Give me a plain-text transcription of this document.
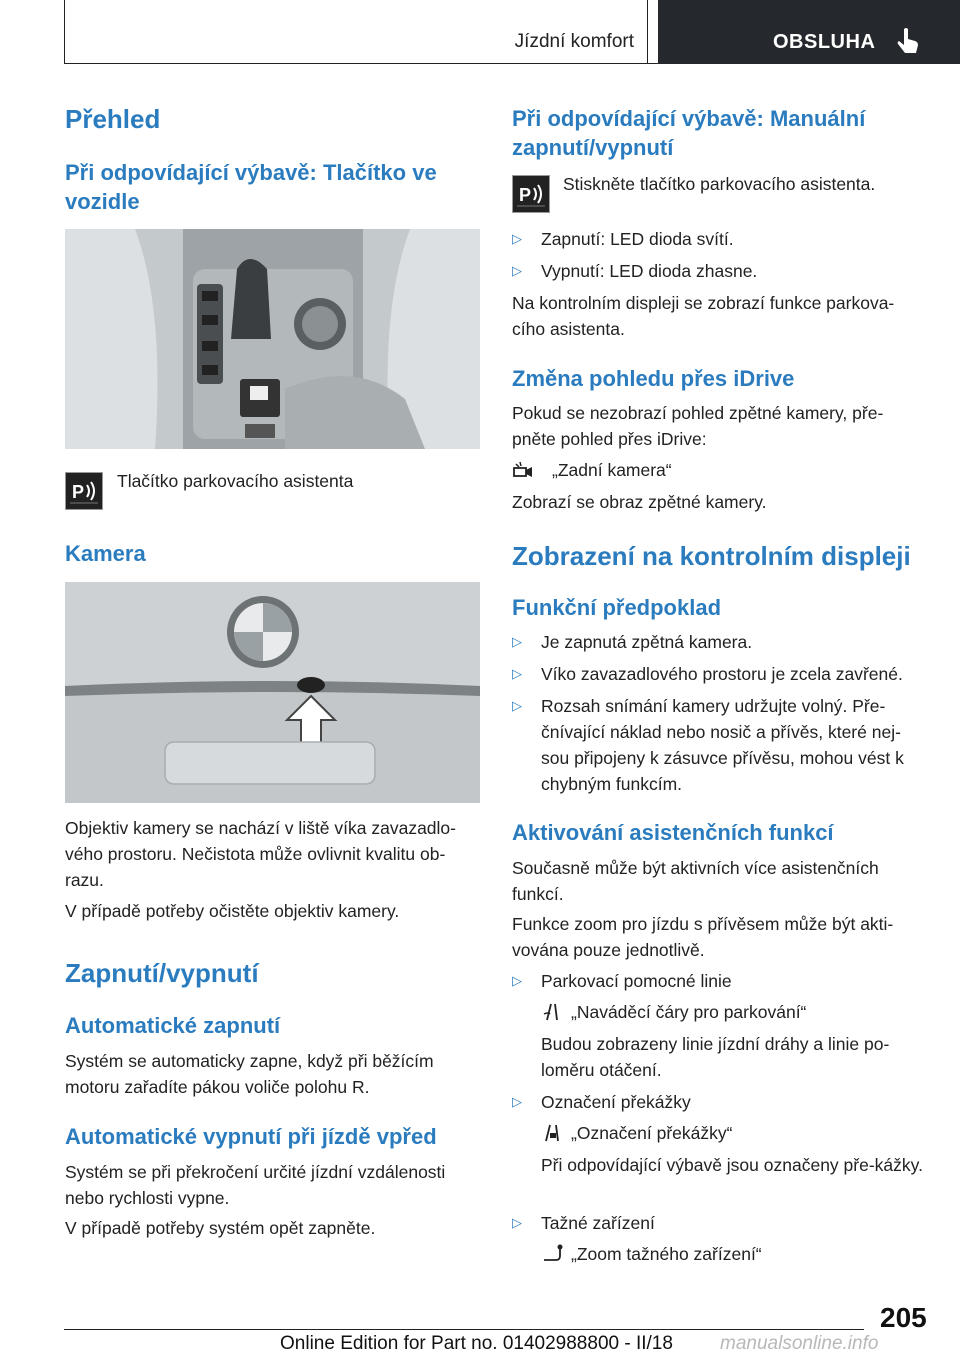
Jízdní komfort	OBSLUHA
Přehled
Při odpovídající výbavě: Tlačítko ve vozidle
P
Tlačítko parkovacího asistenta
Kamera
Objektiv kamery se nachází v liště víka zavazadlo-vého prostoru. Nečistota může ovlivnit kvalitu ob-razu.
V případě potřeby očistěte objektiv kamery.
Zapnutí/vypnutí
Automatické zapnutí
Systém se automaticky zapne, když při běžícím motoru zařadíte pákou voliče polohu R.
Automatické vypnutí při jízdě vpřed
Systém se při překročení určité jízdní vzdálenosti nebo rychlosti vypne.
V případě potřeby systém opět zapněte.
Při odpovídající výbavě: Manuální zapnutí/vypnutí
P
Stiskněte tlačítko parkovacího asistenta.
▷ Zapnutí: LED dioda svítí.
▷ Vypnutí: LED dioda zhasne.
Na kontrolním displeji se zobrazí funkce parkova-cího asistenta.
Změna pohledu přes iDrive
Pokud se nezobrazí pohled zpětné kamery, pře-pněte pohled přes iDrive:
„Zadní kamera“
Zobrazí se obraz zpětné kamery.
Zobrazení na kontrolním displeji
Funkční předpoklad
▷ Je zapnutá zpětná kamera.
▷ Víko zavazadlového prostoru je zcela zavřené.
▷ Rozsah snímání kamery udržujte volný. Pře-čnívající náklad nebo nosič a přívěs, které nej-sou připojeny k zásuvce přívěsu, mohou vést k chybným funkcím.
Aktivování asistenčních funkcí
Současně může být aktivních více asistenčních funkcí.
Funkce zoom pro jízdu s přívěsem může být akti-vována pouze jednotlivě.
▷ Parkovací pomocné linie
„Naváděcí čáry pro parkování“
Budou zobrazeny linie jízdní dráhy a linie po-loměru otáčení.
▷ Označení překážky
„Označení překážky“
Při odpovídající výbavě jsou označeny pře-kážky.
▷ Tažné zařízení
„Zoom tažného zařízení“
205
Online Edition for Part no. 01402988800 - II/18 manualsonline.info
